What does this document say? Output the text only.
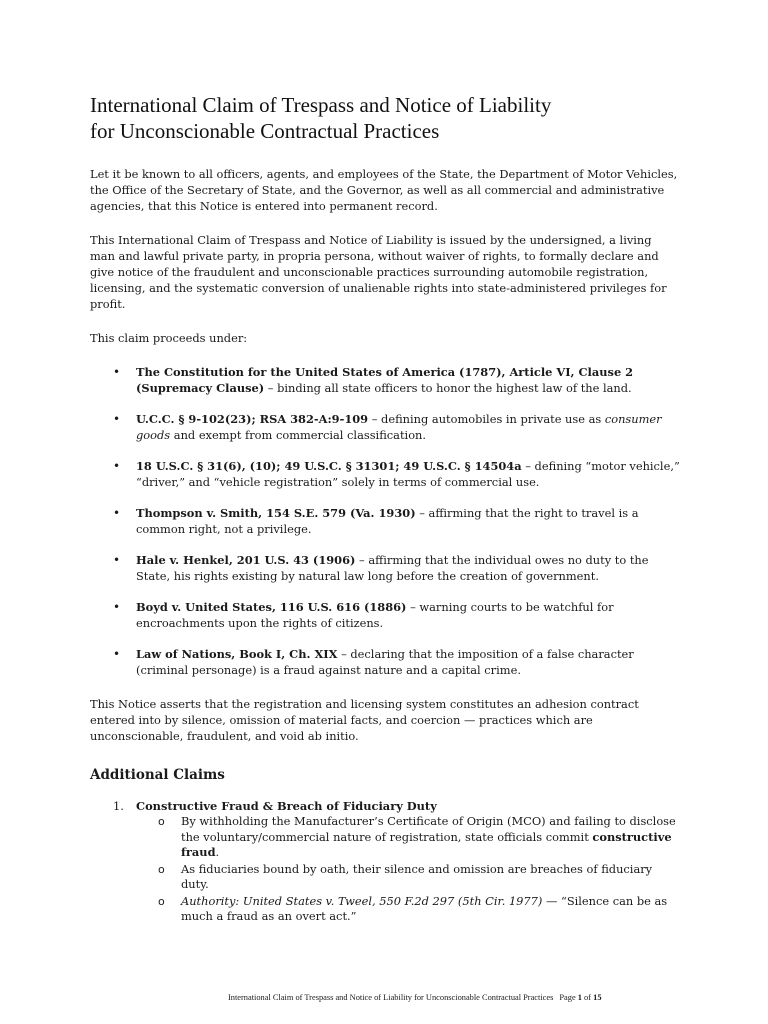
International Claim of Trespass and Notice of Liability
for Unconscionable Contractual Practices

Let it be known to all officers, agents, and employees of the State, the Department of Motor Vehicles, the Office of the Secretary of State, and the Governor, as well as all commercial and administrative agencies, that this Notice is entered into permanent record.

This International Claim of Trespass and Notice of Liability is issued by the undersigned, a living man and lawful private party, in propria persona, without waiver of rights, to formally declare and give notice of the fraudulent and unconscionable practices surrounding automobile registration, licensing, and the systematic conversion of unalienable rights into state-administered privileges for profit.

This claim proceeds under:

• The Constitution for the United States of America (1787), Article VI, Clause 2 (Supremacy Clause) – binding all state officers to honor the highest law of the land.
• U.C.C. § 9-102(23); RSA 382-A:9-109 – defining automobiles in private use as consumer goods and exempt from commercial classification.
• 18 U.S.C. § 31(6), (10); 49 U.S.C. § 31301; 49 U.S.C. § 14504a – defining “motor vehicle,” “driver,” and “vehicle registration” solely in terms of commercial use.
• Thompson v. Smith, 154 S.E. 579 (Va. 1930) – affirming that the right to travel is a common right, not a privilege.
• Hale v. Henkel, 201 U.S. 43 (1906) – affirming that the individual owes no duty to the State, his rights existing by natural law long before the creation of government.
• Boyd v. United States, 116 U.S. 616 (1886) – warning courts to be watchful for encroachments upon the rights of citizens.
• Law of Nations, Book I, Ch. XIX – declaring that the imposition of a false character (criminal personage) is a fraud against nature and a capital crime.

This Notice asserts that the registration and licensing system constitutes an adhesion contract entered into by silence, omission of material facts, and coercion — practices which are unconscionable, fraudulent, and void ab initio.

Additional Claims
1. Constructive Fraud & Breach of Fiduciary Duty
o By withholding the Manufacturer’s Certificate of Origin (MCO) and failing to disclose the voluntary/commercial nature of registration, state officials commit constructive fraud.
o As fiduciaries bound by oath, their silence and omission are breaches of fiduciary duty.
o Authority: United States v. Tweel, 550 F.2d 297 (5th Cir. 1977) — “Silence can be as much a fraud as an overt act.”
International Claim of Trespass and Notice of Liability for Unconscionable Contractual Practices Page 1 of 15
